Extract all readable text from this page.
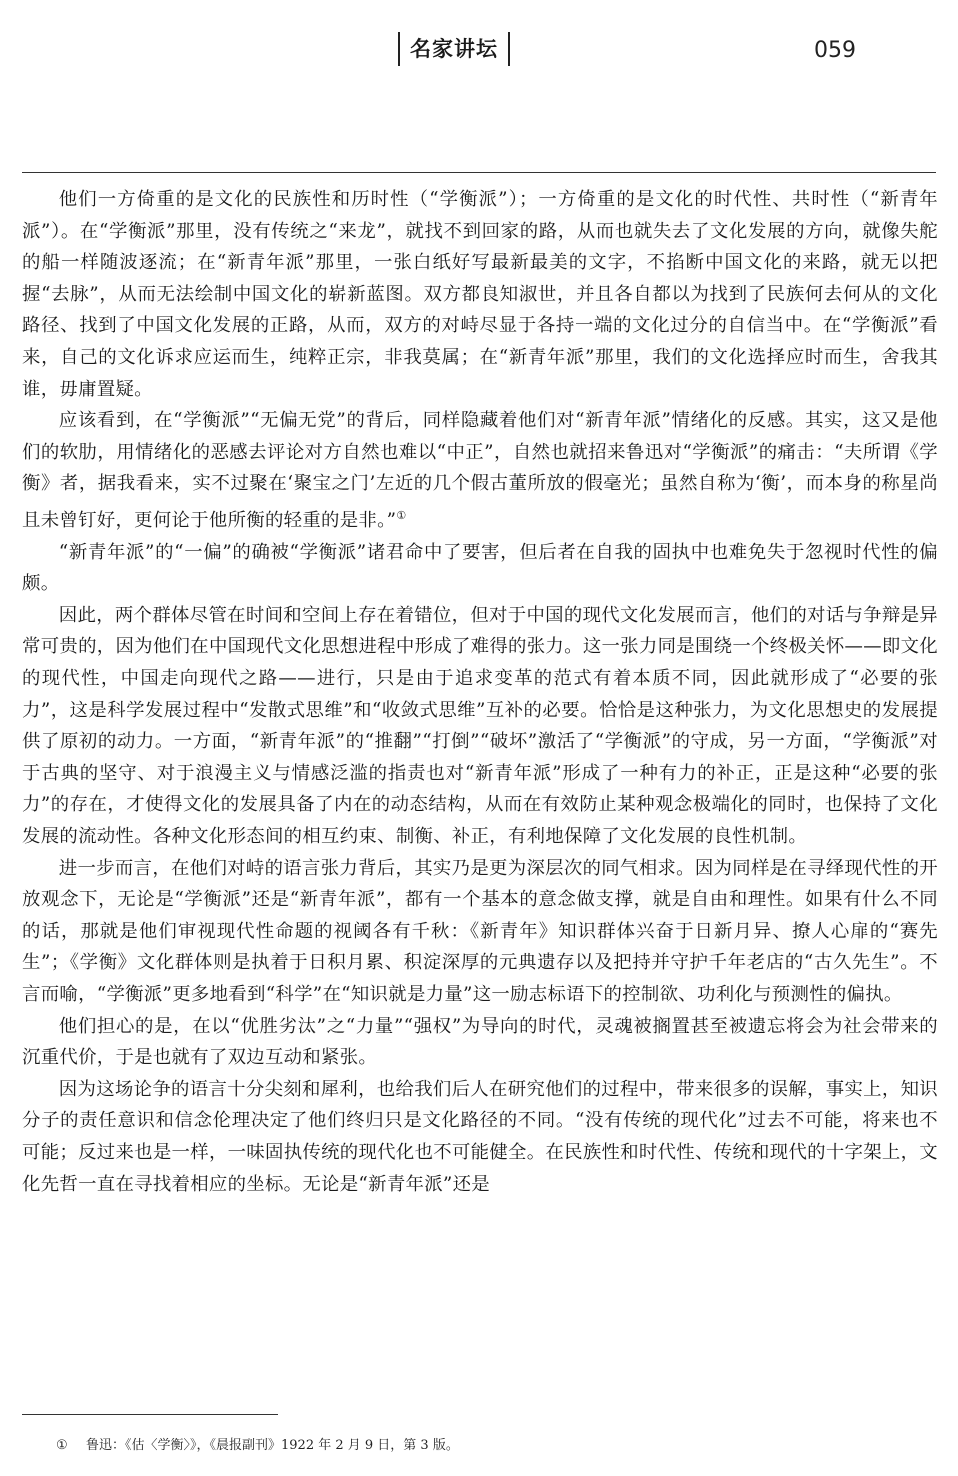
名家讲坛	059

他们一方倚重的是文化的民族性和历时性（“学衡派”）；一方倚重的是文化的时代性、共时性（“新青年派”）。在“学衡派”那里，没有传统之“来龙”，就找不到回家的路，从而也就失去了文化发展的方向，就像失舵的船一样随波逐流；在“新青年派”那里，一张白纸好写最新最美的文字，不掐断中国文化的来路，就无以把握“去脉”，从而无法绘制中国文化的崭新蓝图。双方都良知淑世，并且各自都以为找到了民族何去何从的文化路径、找到了中国文化发展的正路，从而，双方的对峙尽显于各持一端的文化过分的自信当中。在“学衡派”看来，自己的文化诉求应运而生，纯粹正宗，非我莫属；在“新青年派”那里，我们的文化选择应时而生，舍我其谁，毋庸置疑。

应该看到，在“学衡派”“无偏无党”的背后，同样隐藏着他们对“新青年派”情绪化的反感。其实，这又是他们的软肋，用情绪化的恶感去评论对方自然也难以“中正”，自然也就招来鲁迅对“学衡派”的痛击：“夫所谓《学衡》者，据我看来，实不过聚在‘聚宝之门’左近的几个假古董所放的假毫光；虽然自称为‘衡’，而本身的称星尚且未曾钉好，更何论于他所衡的轻重的是非。”①

“新青年派”的“一偏”的确被“学衡派”诸君命中了要害，但后者在自我的固执中也难免失于忽视时代性的偏颇。

因此，两个群体尽管在时间和空间上存在着错位，但对于中国的现代文化发展而言，他们的对话与争辩是异常可贵的，因为他们在中国现代文化思想进程中形成了难得的张力。这一张力同是围绕一个终极关怀——即文化的现代性，中国走向现代之路——进行，只是由于追求变革的范式有着本质不同，因此就形成了“必要的张力”，这是科学发展过程中“发散式思维”和“收敛式思维”互补的必要。恰恰是这种张力，为文化思想史的发展提供了原初的动力。一方面，“新青年派”的“推翻”“打倒”“破坏”激活了“学衡派”的守成，另一方面，“学衡派”对于古典的坚守、对于浪漫主义与情感泛滥的指责也对“新青年派”形成了一种有力的补正，正是这种“必要的张力”的存在，才使得文化的发展具备了内在的动态结构，从而在有效防止某种观念极端化的同时，也保持了文化发展的流动性。各种文化形态间的相互约束、制衡、补正，有利地保障了文化发展的良性机制。

进一步而言，在他们对峙的语言张力背后，其实乃是更为深层次的同气相求。因为同样是在寻绎现代性的开放观念下，无论是“学衡派”还是“新青年派”，都有一个基本的意念做支撑，就是自由和理性。如果有什么不同的话，那就是他们审视现代性命题的视阈各有千秋：《新青年》知识群体兴奋于日新月异、撩人心扉的“赛先生”；《学衡》文化群体则是执着于日积月累、积淀深厚的元典遗存以及把持并守护千年老店的“古久先生”。不言而喻，“学衡派”更多地看到“科学”在“知识就是力量”这一励志标语下的控制欲、功利化与预测性的偏执。

他们担心的是，在以“优胜劣汰”之“力量”“强权”为导向的时代，灵魂被搁置甚至被遗忘将会为社会带来的沉重代价，于是也就有了双边互动和紧张。

因为这场论争的语言十分尖刻和犀利，也给我们后人在研究他们的过程中，带来很多的误解，事实上，知识分子的责任意识和信念伦理决定了他们终归只是文化路径的不同。“没有传统的现代化”过去不可能，将来也不可能；反过来也是一样，一味固执传统的现代化也不可能健全。在民族性和时代性、传统和现代的十字架上，文化先哲一直在寻找着相应的坐标。无论是“新青年派”还是

① 鲁迅：《估〈学衡〉》，《晨报副刊》1922 年 2 月 9 日，第 3 版。
